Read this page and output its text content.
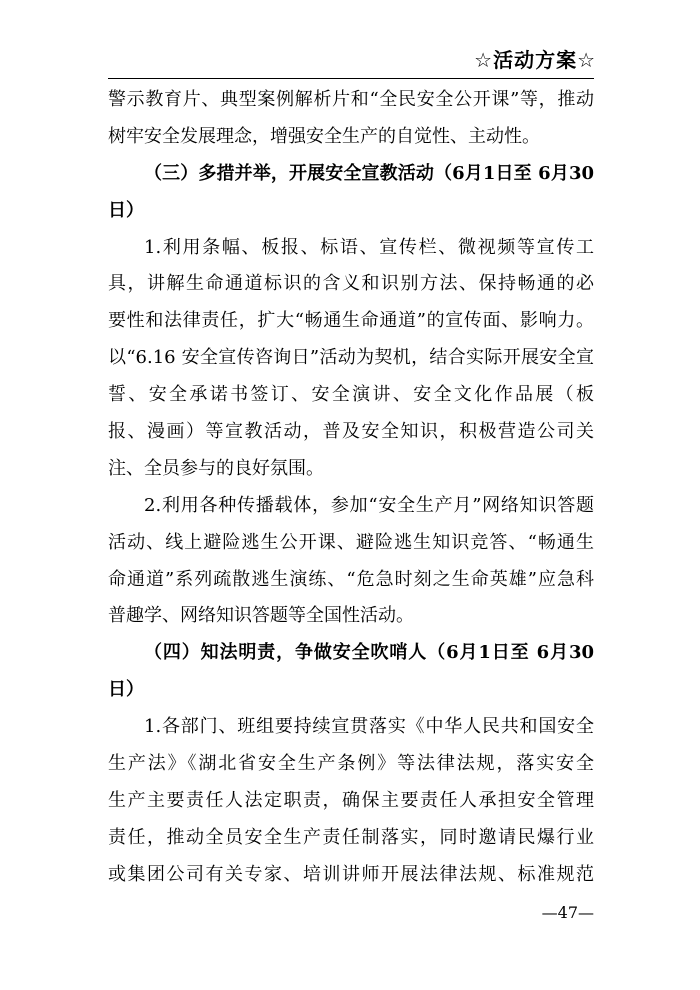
☆活动方案☆
警示教育片、典型案例解析片和“全民安全公开课”等，推动
树牢安全发展理念，增强安全生产的自觉性、主动性。
（三）多措并举，开展安全宣教活动（6月1日至 6月30
日）
1.利用条幅、板报、标语、宣传栏、微视频等宣传工
具，讲解生命通道标识的含义和识别方法、保持畅通的必
要性和法律责任，扩大“畅通生命通道”的宣传面、影响力。
以“6.16 安全宣传咨询日”活动为契机，结合实际开展安全宣
誓、安全承诺书签订、安全演讲、安全文化作品展（板
报、漫画）等宣教活动，普及安全知识，积极营造公司关
注、全员参与的良好氛围。
2.利用各种传播载体，参加“安全生产月”网络知识答题
活动、线上避险逃生公开课、避险逃生知识竞答、“畅通生
命通道”系列疏散逃生演练、“危急时刻之生命英雄”应急科
普趣学、网络知识答题等全国性活动。
（四）知法明责，争做安全吹哨人（6月1日至 6月30
日）
1.各部门、班组要持续宣贯落实《中华人民共和国安全
生产法》《湖北省安全生产条例》等法律法规，落实安全
生产主要责任人法定职责，确保主要责任人承担安全管理
责任，推动全员安全生产责任制落实，同时邀请民爆行业
或集团公司有关专家、培训讲师开展法律法规、标准规范
—47—
